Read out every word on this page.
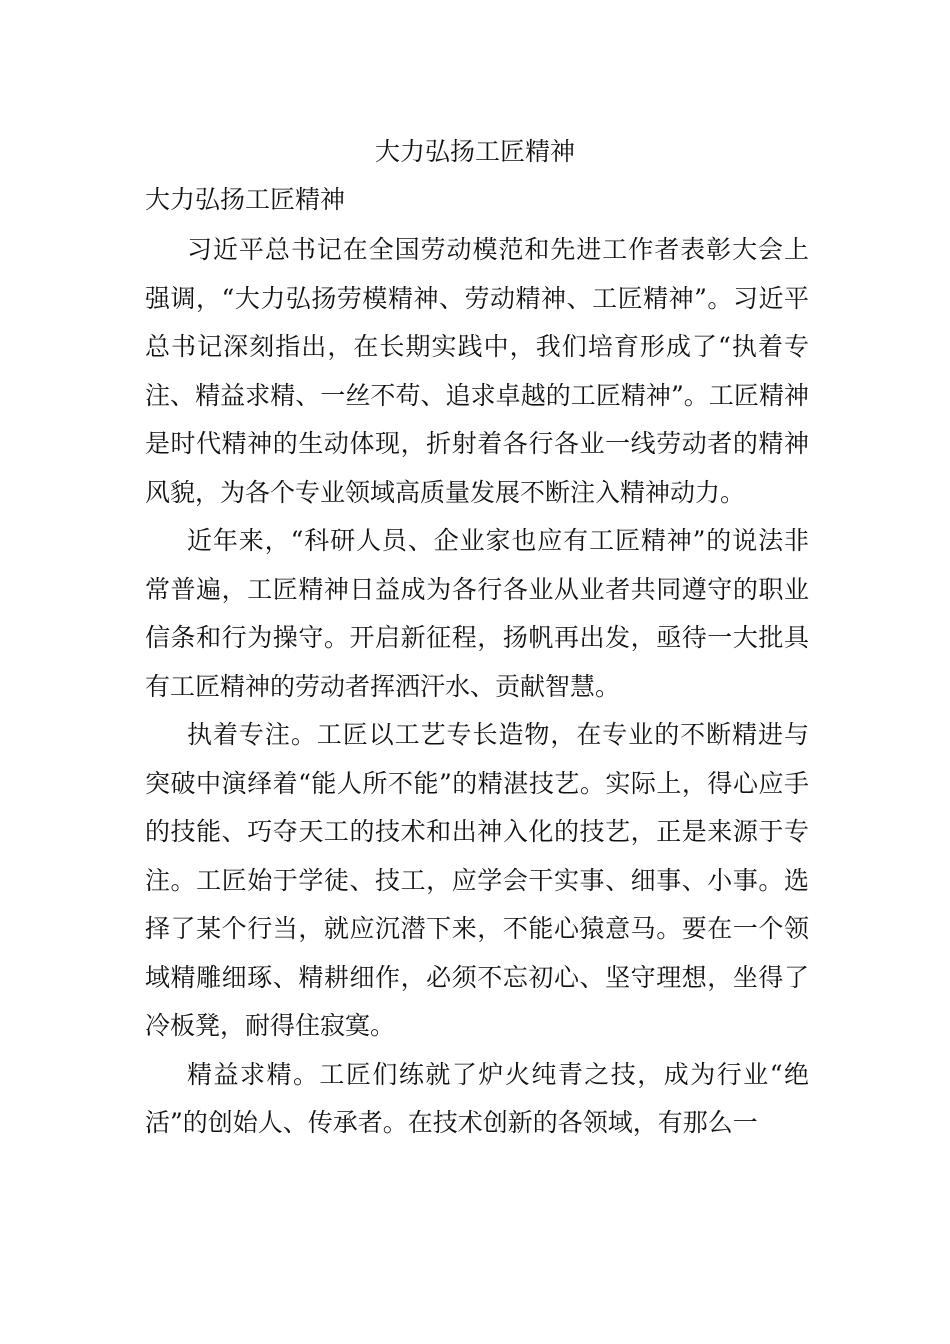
大力弘扬工匠精神
大力弘扬工匠精神

习近平总书记在全国劳动模范和先进工作者表彰大会上强调，“大力弘扬劳模精神、劳动精神、工匠精神”。习近平总书记深刻指出，在长期实践中，我们培育形成了“执着专注、精益求精、一丝不苟、追求卓越的工匠精神”。工匠精神是时代精神的生动体现，折射着各行各业一线劳动者的精神风貌，为各个专业领域高质量发展不断注入精神动力。

近年来，“科研人员、企业家也应有工匠精神”的说法非常普遍，工匠精神日益成为各行各业从业者共同遵守的职业信条和行为操守。开启新征程，扬帆再出发，亟待一大批具有工匠精神的劳动者挥洒汗水、贡献智慧。

执着专注。工匠以工艺专长造物，在专业的不断精进与突破中演绎着“能人所不能”的精湛技艺。实际上，得心应手的技能、巧夺天工的技术和出神入化的技艺，正是来源于专注。工匠始于学徒、技工，应学会干实事、细事、小事。选择了某个行当，就应沉潜下来，不能心猿意马。要在一个领域精雕细琢、精耕细作，必须不忘初心、坚守理想，坐得了冷板凳，耐得住寂寞。

精益求精。工匠们练就了炉火纯青之技，成为行业“绝活”的创始人、传承者。在技术创新的各领域，有那么一
